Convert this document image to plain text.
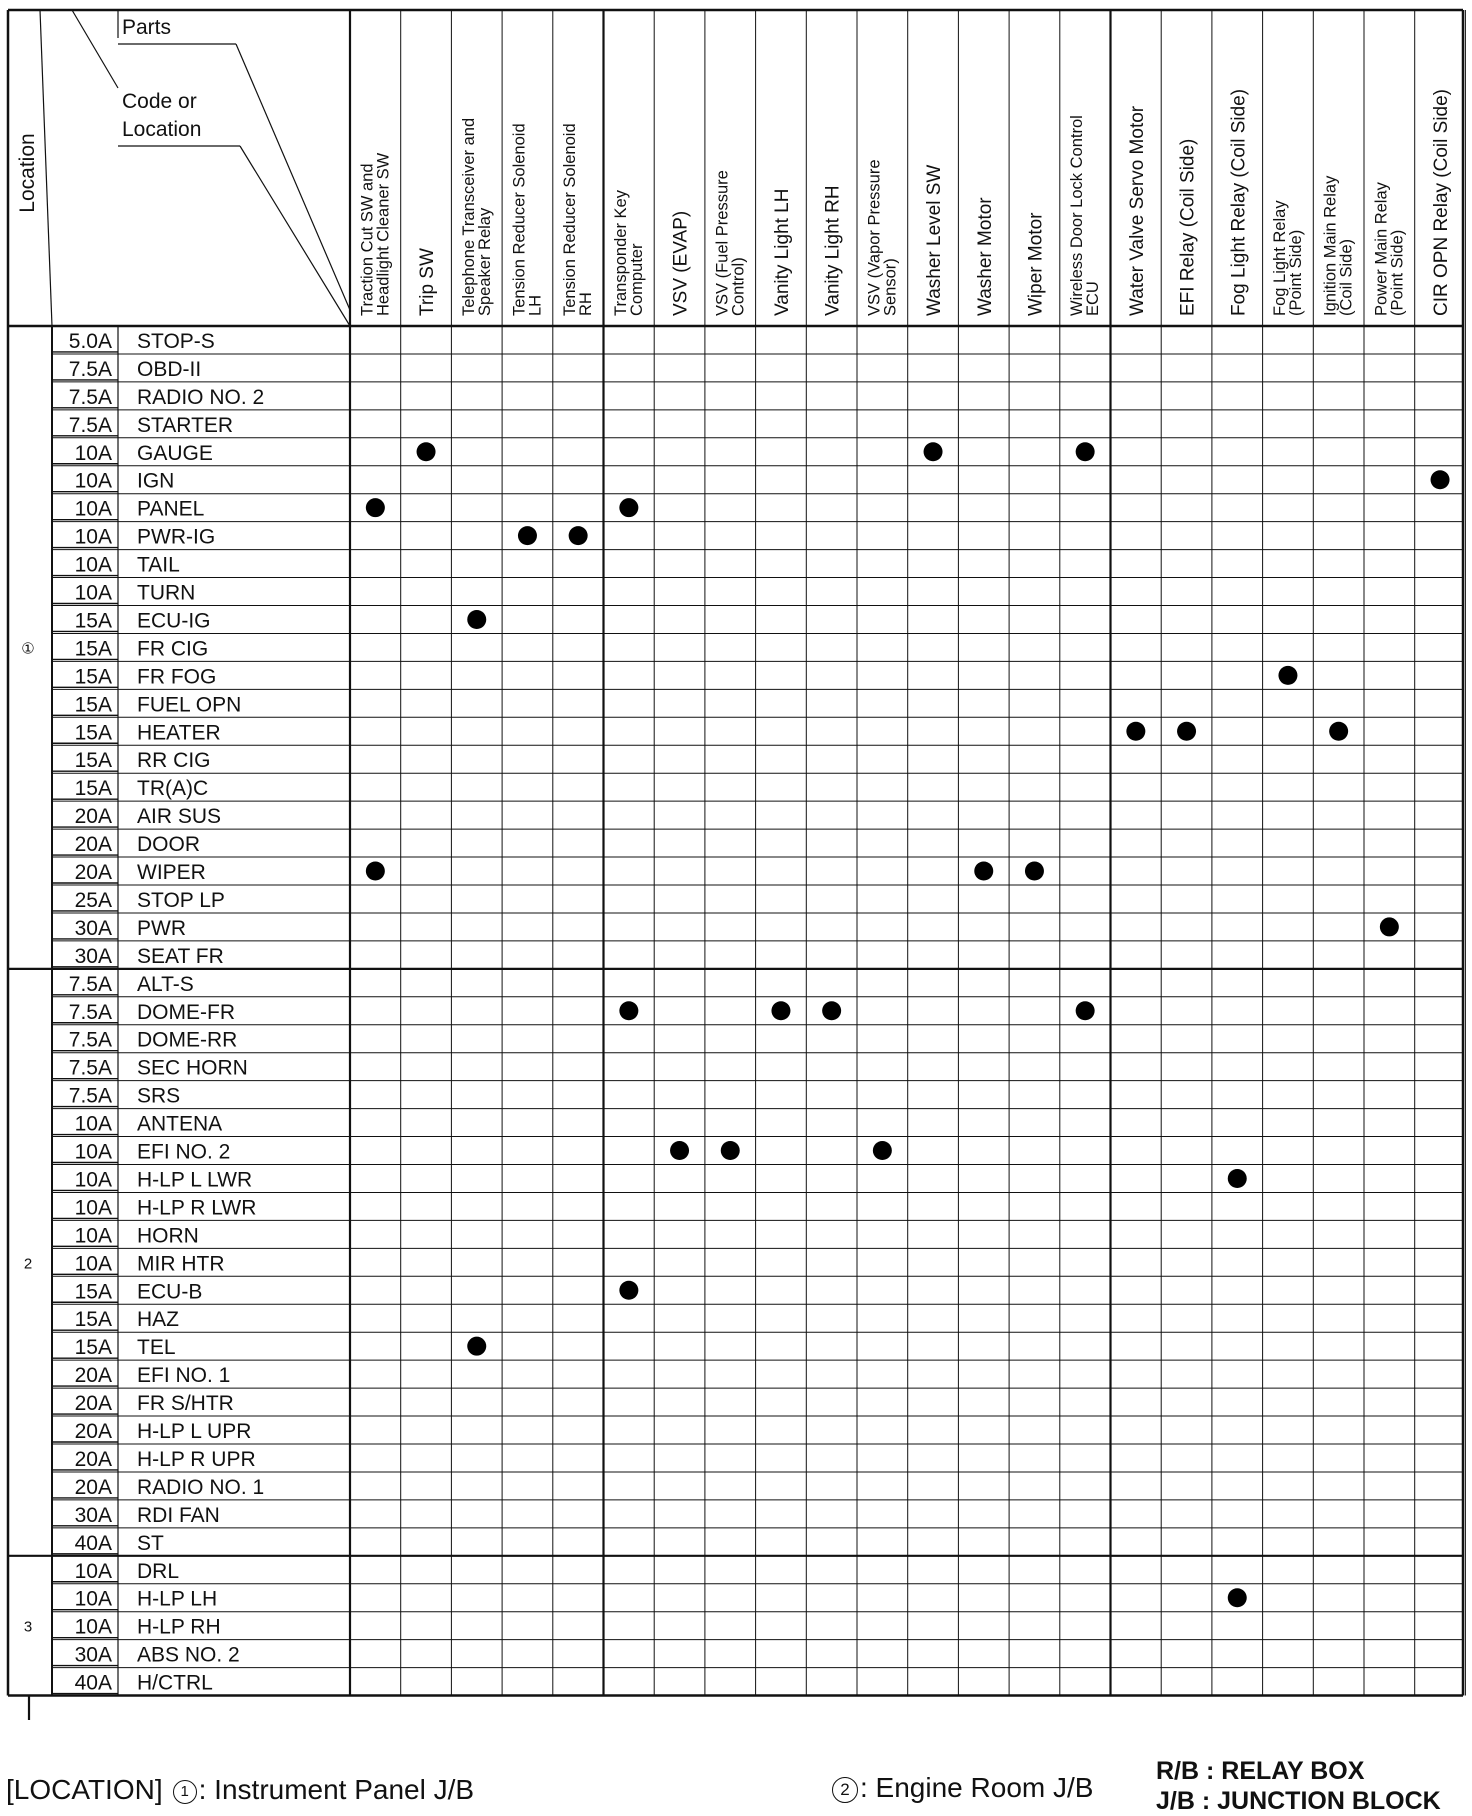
Location
Parts
Code or
Location
Traction Cut SW and
Headlight Cleaner SW Trip SW Telephone Transceiver and
Speaker Relay Tension Reducer Solenoid
LH Tension Reducer Solenoid
RH Transponder Key
Computer VSV (EVAP) VSV (Fuel Pressure
Control) Vanity Light LH Vanity Light RH VSV (Vapor Pressure
Sensor) Washer Level SW Washer Motor Wiper Motor Wireless Door Lock Control
ECU Water Valve Servo Motor EFI Relay (Coil Side) Fog Light Relay (Coil Side) Fog Light Relay
(Point Side) Ignition Main Relay
(Coil Side) Power Main Relay
(Point Side) CIR OPN Relay (Coil Side)
5.0A STOP-S
7.5A OBD-II
7.5A RADIO NO. 2
7.5A STARTER
10A GAUGE
10A IGN
10A PANEL
10A PWR-IG
10A TAIL
10A TURN
15A ECU-IG
15A FR CIG
15A FR FOG
15A FUEL OPN
15A HEATER
15A RR CIG
15A TR(A)C
20A AIR SUS
20A DOOR
20A WIPER
25A STOP LP
30A PWR
30A SEAT FR
①
7.5A ALT-S
7.5A DOME-FR
7.5A DOME-RR
7.5A SEC HORN
7.5A SRS
10A ANTENA
10A EFI NO. 2
10A H-LP L LWR
10A H-LP R LWR
10A HORN
10A MIR HTR
15A ECU-B
15A HAZ
15A TEL
20A EFI NO. 1
20A FR S/HTR
20A H-LP L UPR
20A H-LP R UPR
20A RADIO NO. 1
30A RDI FAN
40A ST
2
10A DRL
10A H-LP LH
10A H-LP RH
30A ABS NO. 2
40A H/CTRL
3
[LOCATION] 1 : Instrument Panel J/B	2 : Engine Room J/B
R/B : RELAY BOX
J/B : JUNCTION BLOCK
